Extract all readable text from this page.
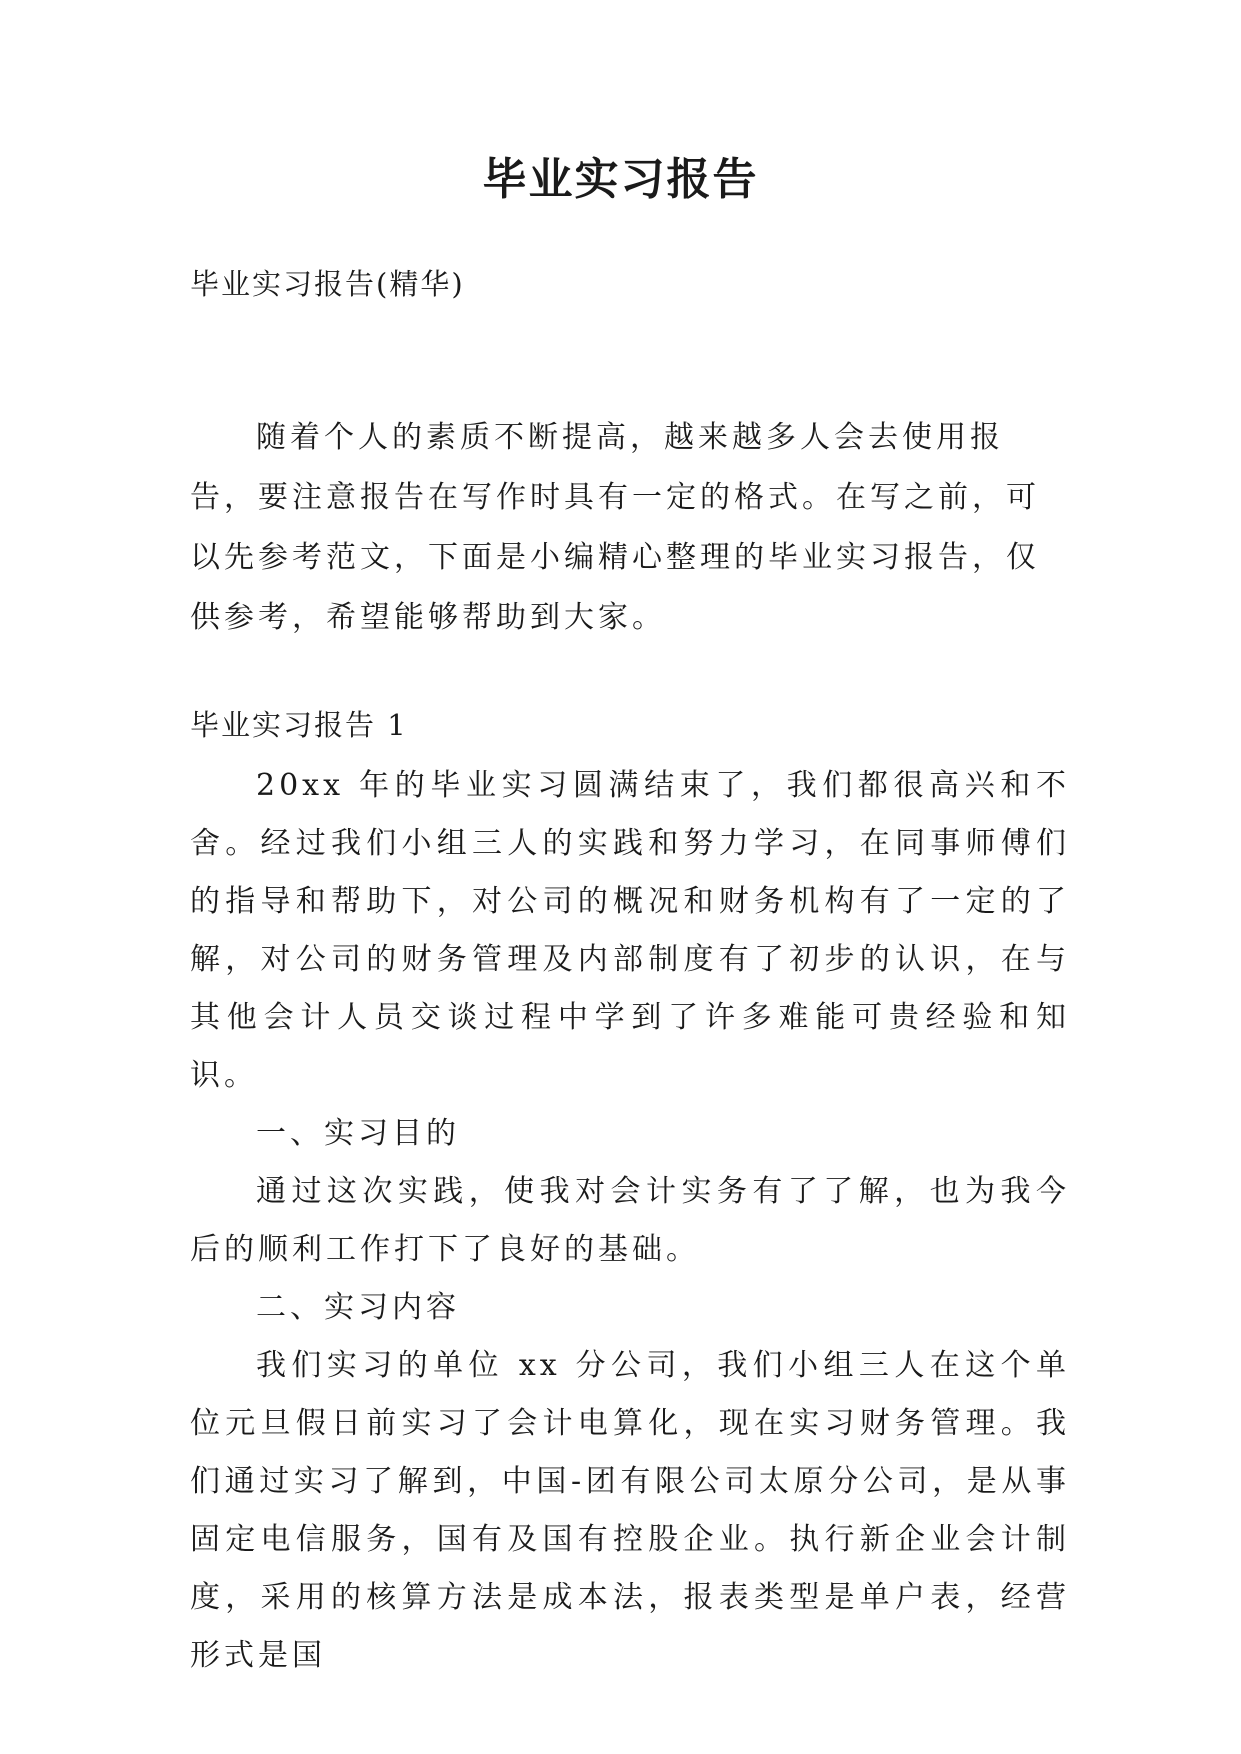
毕业实习报告

毕业实习报告(精华)

随着个人的素质不断提高，越来越多人会去使用报告，要注意报告在写作时具有一定的格式。在写之前，可以先参考范文，下面是小编精心整理的毕业实习报告，仅供参考，希望能够帮助到大家。

毕业实习报告 1

20xx 年的毕业实习圆满结束了，我们都很高兴和不舍。经过我们小组三人的实践和努力学习，在同事师傅们的指导和帮助下，对公司的概况和财务机构有了一定的了解，对公司的财务管理及内部制度有了初步的认识，在与其他会计人员交谈过程中学到了许多难能可贵经验和知识。

一、实习目的

通过这次实践，使我对会计实务有了了解，也为我今后的顺利工作打下了良好的基础。

二、实习内容

我们实习的单位 xx 分公司，我们小组三人在这个单位元旦假日前实习了会计电算化，现在实习财务管理。我们通过实习了解到，中国-团有限公司太原分公司，是从事固定电信服务，国有及国有控股企业。执行新企业会计制度，采用的核算方法是成本法，报表类型是单户表，经营形式是国
